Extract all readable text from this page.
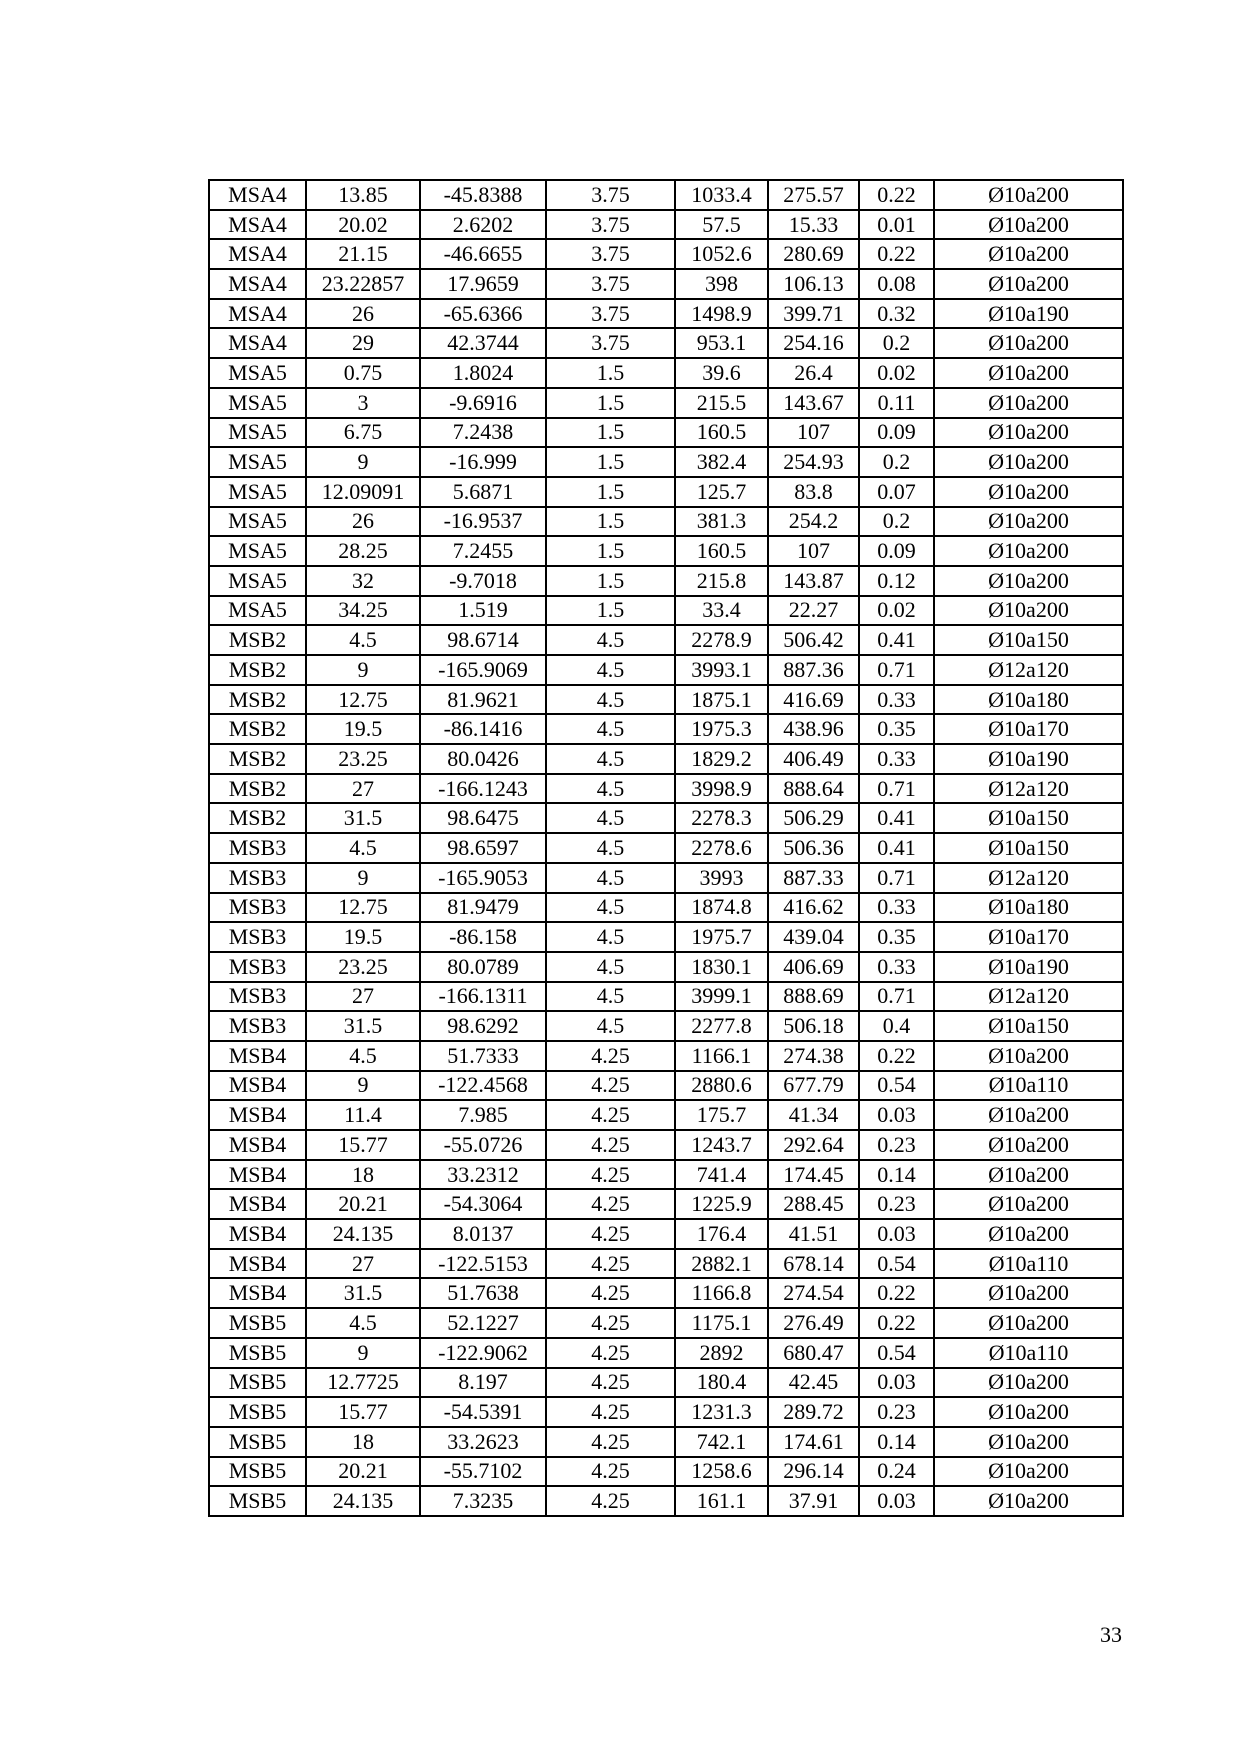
MSA4	13.85	-45.8388	3.75	1033.4	275.57	0.22	Ø10a200
MSA4	20.02	2.6202	3.75	57.5	15.33	0.01	Ø10a200
MSA4	21.15	-46.6655	3.75	1052.6	280.69	0.22	Ø10a200
MSA4	23.22857	17.9659	3.75	398	106.13	0.08	Ø10a200
MSA4	26	-65.6366	3.75	1498.9	399.71	0.32	Ø10a190
MSA4	29	42.3744	3.75	953.1	254.16	0.2	Ø10a200
MSA5	0.75	1.8024	1.5	39.6	26.4	0.02	Ø10a200
MSA5	3	-9.6916	1.5	215.5	143.67	0.11	Ø10a200
MSA5	6.75	7.2438	1.5	160.5	107	0.09	Ø10a200
MSA5	9	-16.999	1.5	382.4	254.93	0.2	Ø10a200
MSA5	12.09091	5.6871	1.5	125.7	83.8	0.07	Ø10a200
MSA5	26	-16.9537	1.5	381.3	254.2	0.2	Ø10a200
MSA5	28.25	7.2455	1.5	160.5	107	0.09	Ø10a200
MSA5	32	-9.7018	1.5	215.8	143.87	0.12	Ø10a200
MSA5	34.25	1.519	1.5	33.4	22.27	0.02	Ø10a200
MSB2	4.5	98.6714	4.5	2278.9	506.42	0.41	Ø10a150
MSB2	9	-165.9069	4.5	3993.1	887.36	0.71	Ø12a120
MSB2	12.75	81.9621	4.5	1875.1	416.69	0.33	Ø10a180
MSB2	19.5	-86.1416	4.5	1975.3	438.96	0.35	Ø10a170
MSB2	23.25	80.0426	4.5	1829.2	406.49	0.33	Ø10a190
MSB2	27	-166.1243	4.5	3998.9	888.64	0.71	Ø12a120
MSB2	31.5	98.6475	4.5	2278.3	506.29	0.41	Ø10a150
MSB3	4.5	98.6597	4.5	2278.6	506.36	0.41	Ø10a150
MSB3	9	-165.9053	4.5	3993	887.33	0.71	Ø12a120
MSB3	12.75	81.9479	4.5	1874.8	416.62	0.33	Ø10a180
MSB3	19.5	-86.158	4.5	1975.7	439.04	0.35	Ø10a170
MSB3	23.25	80.0789	4.5	1830.1	406.69	0.33	Ø10a190
MSB3	27	-166.1311	4.5	3999.1	888.69	0.71	Ø12a120
MSB3	31.5	98.6292	4.5	2277.8	506.18	0.4	Ø10a150
MSB4	4.5	51.7333	4.25	1166.1	274.38	0.22	Ø10a200
MSB4	9	-122.4568	4.25	2880.6	677.79	0.54	Ø10a110
MSB4	11.4	7.985	4.25	175.7	41.34	0.03	Ø10a200
MSB4	15.77	-55.0726	4.25	1243.7	292.64	0.23	Ø10a200
MSB4	18	33.2312	4.25	741.4	174.45	0.14	Ø10a200
MSB4	20.21	-54.3064	4.25	1225.9	288.45	0.23	Ø10a200
MSB4	24.135	8.0137	4.25	176.4	41.51	0.03	Ø10a200
MSB4	27	-122.5153	4.25	2882.1	678.14	0.54	Ø10a110
MSB4	31.5	51.7638	4.25	1166.8	274.54	0.22	Ø10a200
MSB5	4.5	52.1227	4.25	1175.1	276.49	0.22	Ø10a200
MSB5	9	-122.9062	4.25	2892	680.47	0.54	Ø10a110
MSB5	12.7725	8.197	4.25	180.4	42.45	0.03	Ø10a200
MSB5	15.77	-54.5391	4.25	1231.3	289.72	0.23	Ø10a200
MSB5	18	33.2623	4.25	742.1	174.61	0.14	Ø10a200
MSB5	20.21	-55.7102	4.25	1258.6	296.14	0.24	Ø10a200
MSB5	24.135	7.3235	4.25	161.1	37.91	0.03	Ø10a200
33
